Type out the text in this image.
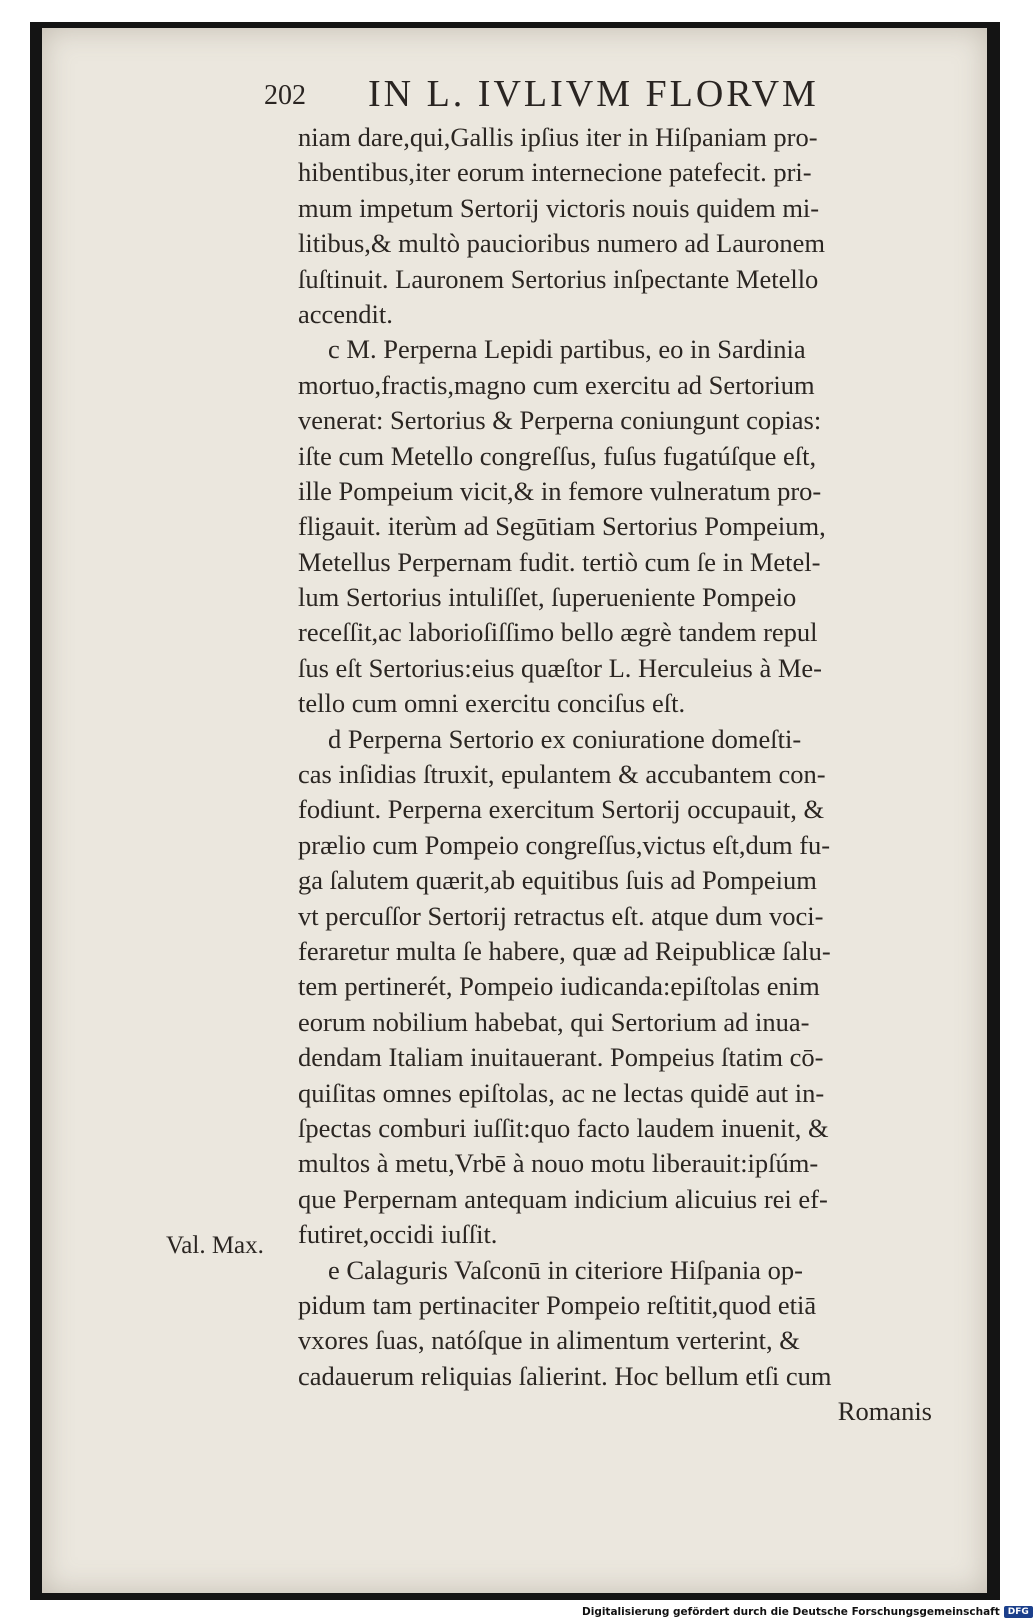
202 IN L. IVLIVM FLORVM
niam dare,qui,Gallis ipſius iter in Hiſpaniam pro-
hibentibus,iter eorum internecione patefecit. pri-
mum impetum Sertorij victoris nouis quidem mi-
litibus,& multò paucioribus numero ad Lauronem
ſuſtinuit. Lauronem Sertorius inſpectante Metello
accendit.
c M. Perperna Lepidi partibus, eo in Sardinia
mortuo,fractis,magno cum exercitu ad Sertorium
venerat: Sertorius & Perperna coniungunt copias:
iſte cum Metello congreſſus, fuſus fugatúſque eſt,
ille Pompeium vicit,& in femore vulneratum pro-
fligauit. iterùm ad Segūtiam Sertorius Pompeium,
Metellus Perpernam fudit. tertiò cum ſe in Metel-
lum Sertorius intuliſſet, ſuperueniente Pompeio
receſſit,ac laborioſiſſimo bello ægrè tandem repul
ſus eſt Sertorius:eius quæſtor L. Herculeius à Me-
tello cum omni exercitu conciſus eſt.
d Perperna Sertorio ex coniuratione domeſti-
cas inſidias ſtruxit, epulantem & accubantem con-
fodiunt. Perperna exercitum Sertorij occupauit, &
prælio cum Pompeio congreſſus,victus eſt,dum fu-
ga ſalutem quærit,ab equitibus ſuis ad Pompeium
vt percuſſor Sertorij retractus eſt. atque dum voci-
feraretur multa ſe habere, quæ ad Reipublicæ ſalu-
tem pertinerét, Pompeio iudicanda:epiſtolas enim
eorum nobilium habebat, qui Sertorium ad inua-
dendam Italiam inuitauerant. Pompeius ſtatim cō-
quiſitas omnes epiſtolas, ac ne lectas quidē aut in-
ſpectas comburi iuſſit:quo facto laudem inuenit, &
multos à metu,Vrbē à nouo motu liberauit:ipſúm-
que Perpernam antequam indicium alicuius rei ef-
futiret,occidi iuſſit.
e Calaguris Vaſconū in citeriore Hiſpania op-
pidum tam pertinaciter Pompeio reſtitit,quod etiā
vxores ſuas, natóſque in alimentum verterint, &
cadauerum reliquias ſalierint. Hoc bellum etſi cum
Romanis
Val. Max.
Digitalisierung gefördert durch die Deutsche Forschungsgemeinschaft DFG
